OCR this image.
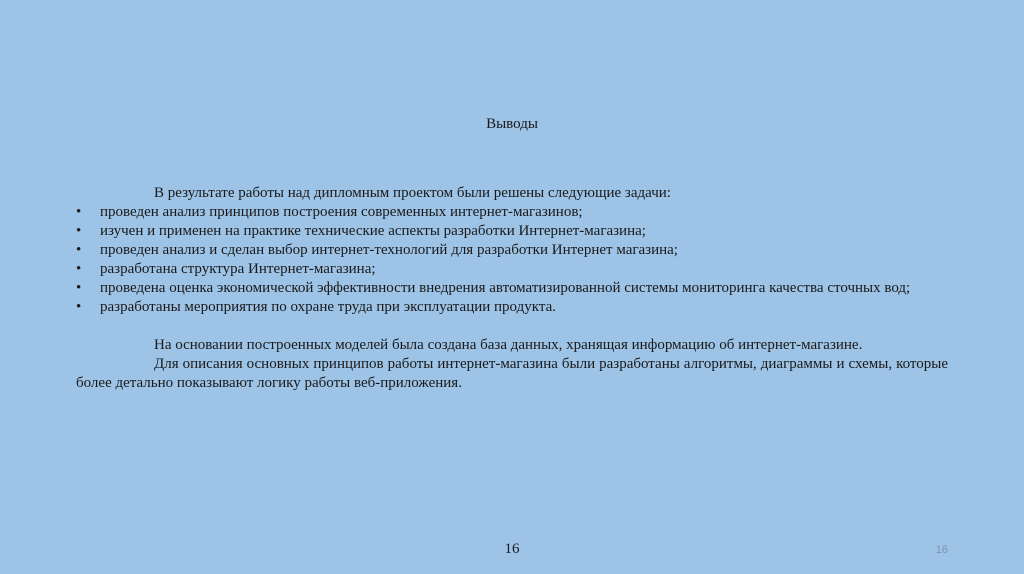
Выводы

В результате работы над дипломным проектом были решены следующие задачи:

• проведен анализ принципов построения современных интернет-магазинов;
• изучен и применен на практике технические аспекты разработки Интернет-магазина;
• проведен анализ и сделан выбор интернет-технологий для разработки Интернет магазина;
• разработана структура Интернет-магазина;
• проведена оценка экономической эффективности внедрения автоматизированной системы мониторинга качества сточных вод;
• разработаны мероприятия по охране труда при эксплуатации продукта.

На основании построенных моделей была создана база данных, хранящая информацию об интернет-магазине.

Для описания основных принципов работы интернет-магазина были разработаны алгоритмы, диаграммы и схемы, которые более детально показывают логику работы веб-приложения.

16	16
